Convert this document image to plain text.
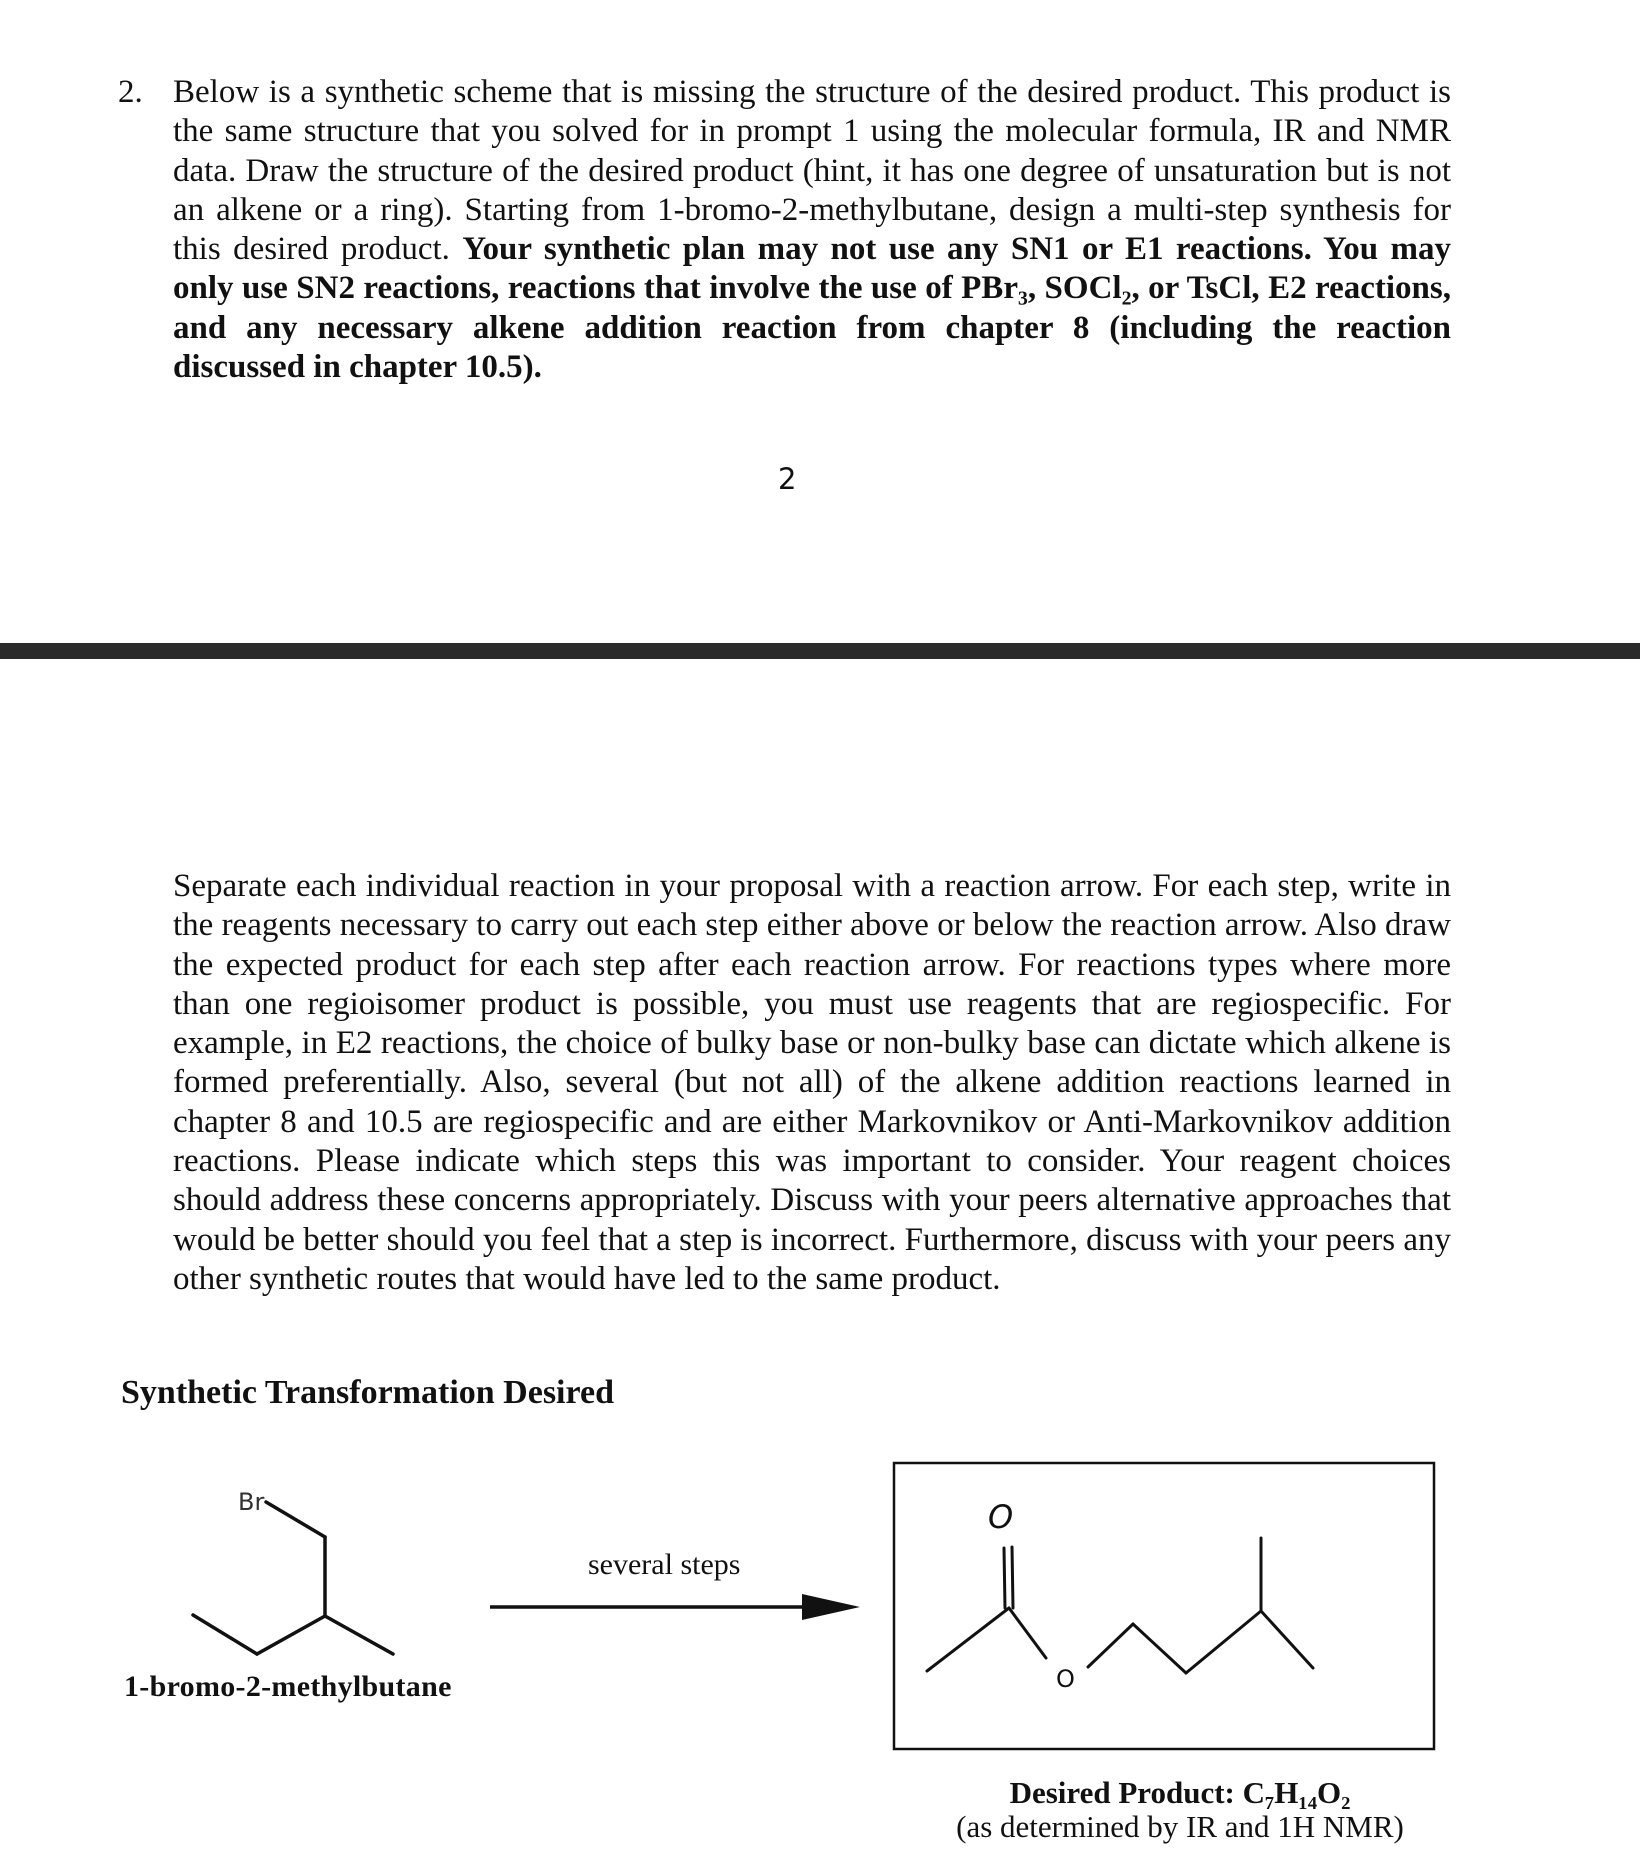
2. Below is a synthetic scheme that is missing the structure of the desired product. This product is the same structure that you solved for in prompt 1 using the molecular formula, IR and NMR data. Draw the structure of the desired product (hint, it has one degree of unsaturation but is not an alkene or a ring). Starting from 1-bromo-2-methylbutane, design a multi-step synthesis for this desired product. Your synthetic plan may not use any SN1 or E1 reactions. You may only use SN2 reactions, reactions that involve the use of PBr₃, SOCl₂, or TsCl, E2 reactions, and any necessary alkene addition reaction from chapter 8 (including the reaction discussed in chapter 10.5).

2

Separate each individual reaction in your proposal with a reaction arrow. For each step, write in the reagents necessary to carry out each step either above or below the reaction arrow. Also draw the expected product for each step after each reaction arrow. For reactions types where more than one regioisomer product is possible, you must use reagents that are regiospecific. For example, in E2 reactions, the choice of bulky base or non-bulky base can dictate which alkene is formed preferentially. Also, several (but not all) of the alkene addition reactions learned in chapter 8 and 10.5 are regiospecific and are either Markovnikov or Anti-Markovnikov addition reactions. Please indicate which steps this was important to consider. Your reagent choices should address these concerns appropriately. Discuss with your peers alternative approaches that would be better should you feel that a step is incorrect. Furthermore, discuss with your peers any other synthetic routes that would have led to the same product.

Synthetic Transformation Desired
Br	O
O
several steps
1-bromo-2-methylbutane
Desired Product: C₇H₁₄O₂
(as determined by IR and 1H NMR)
